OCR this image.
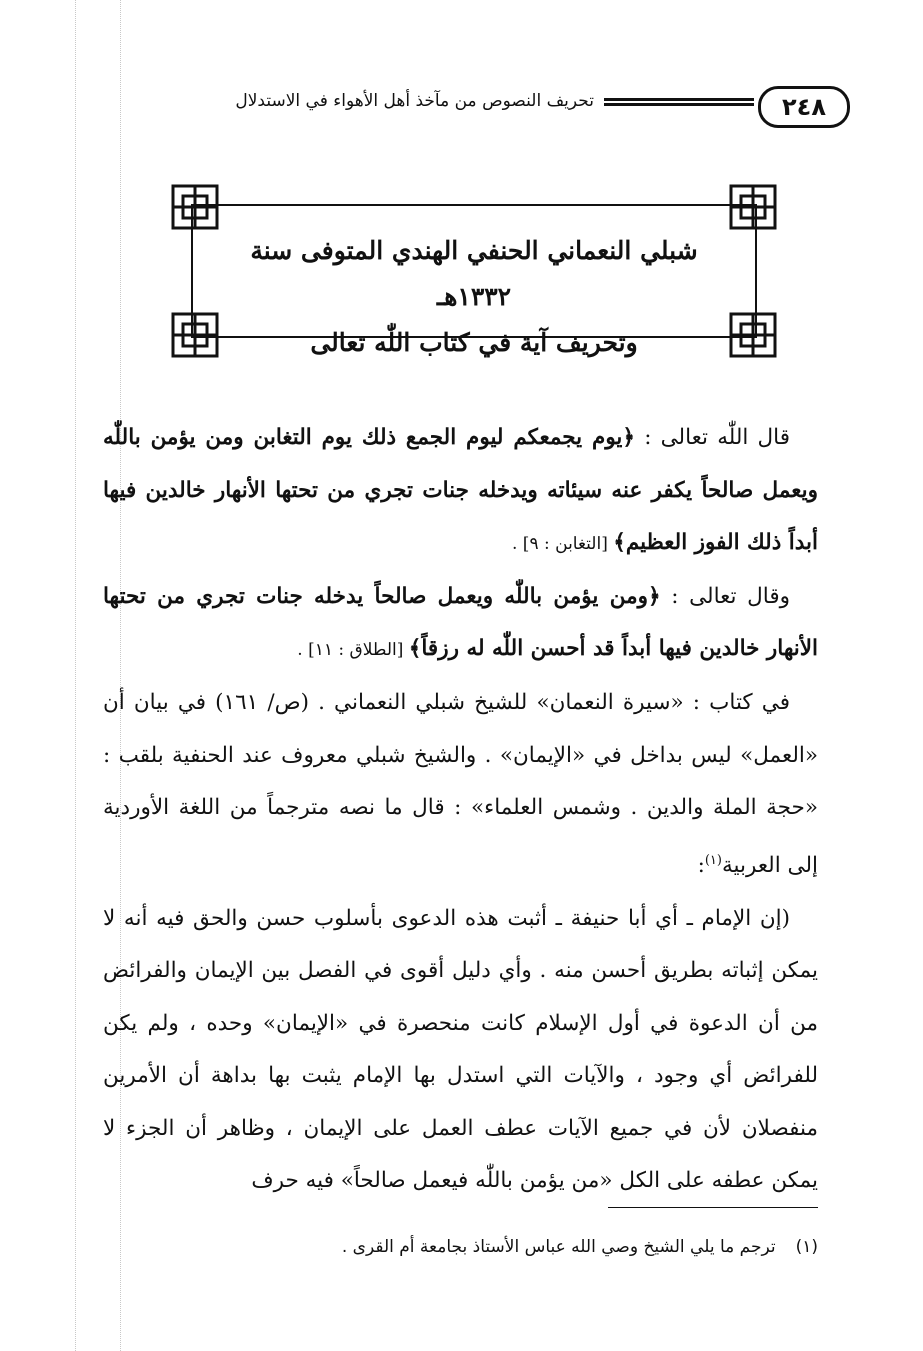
٢٤٨
تحريف النصوص من مآخذ أهل الأهواء في الاستدلال
شبلي النعماني الحنفي الهندي المتوفى سنة ١٣٣٢هـ
وتحريف آية في كتاب اللّٰه تعالى

قال اللّٰه تعالى : ﴿يوم يجمعكم ليوم الجمع ذلك يوم التغابن ومن يؤمن باللّٰه ويعمل صالحاً يكفر عنه سيئاته ويدخله جنات تجري من تحتها الأنهار خالدين فيها أبداً ذلك الفوز العظيم﴾ [التغابن : ٩] .

وقال تعالى : ﴿ومن يؤمن باللّٰه ويعمل صالحاً يدخله جنات تجري من تحتها الأنهار خالدين فيها أبداً قد أحسن اللّٰه له رزقاً﴾ [الطلاق : ١١] .

في كتاب : «سيرة النعمان» للشيخ شبلي النعماني . (ص/ ١٦١) في بيان أن «العمل» ليس بداخل في «الإيمان» . والشيخ شبلي معروف عند الحنفية بلقب : «حجة الملة والدين . وشمس العلماء» : قال ما نصه مترجماً من اللغة الأوردية إلى العربية$^{(١)}$:

(إن الإمام ـ أي أبا حنيفة ـ أثبت هذه الدعوى بأسلوب حسن والحق فيه أنه لا يمكن إثباته بطريق أحسن منه . وأي دليل أقوى في الفصل بين الإيمان والفرائض من أن الدعوة في أول الإسلام كانت منحصرة في «الإيمان» وحده ، ولم يكن للفرائض أي وجود ، والآيات التي استدل بها الإمام يثبت بها بداهة أن الأمرين منفصلان لأن في جميع الآيات عطف العمل على الإيمان ، وظاهر أن الجزء لا يمكن عطفه على الكل «من يؤمن باللّٰه فيعمل صالحاً» فيه حرف

(١)ترجم ما يلي الشيخ وصي الله عباس الأستاذ بجامعة أم القرى .
